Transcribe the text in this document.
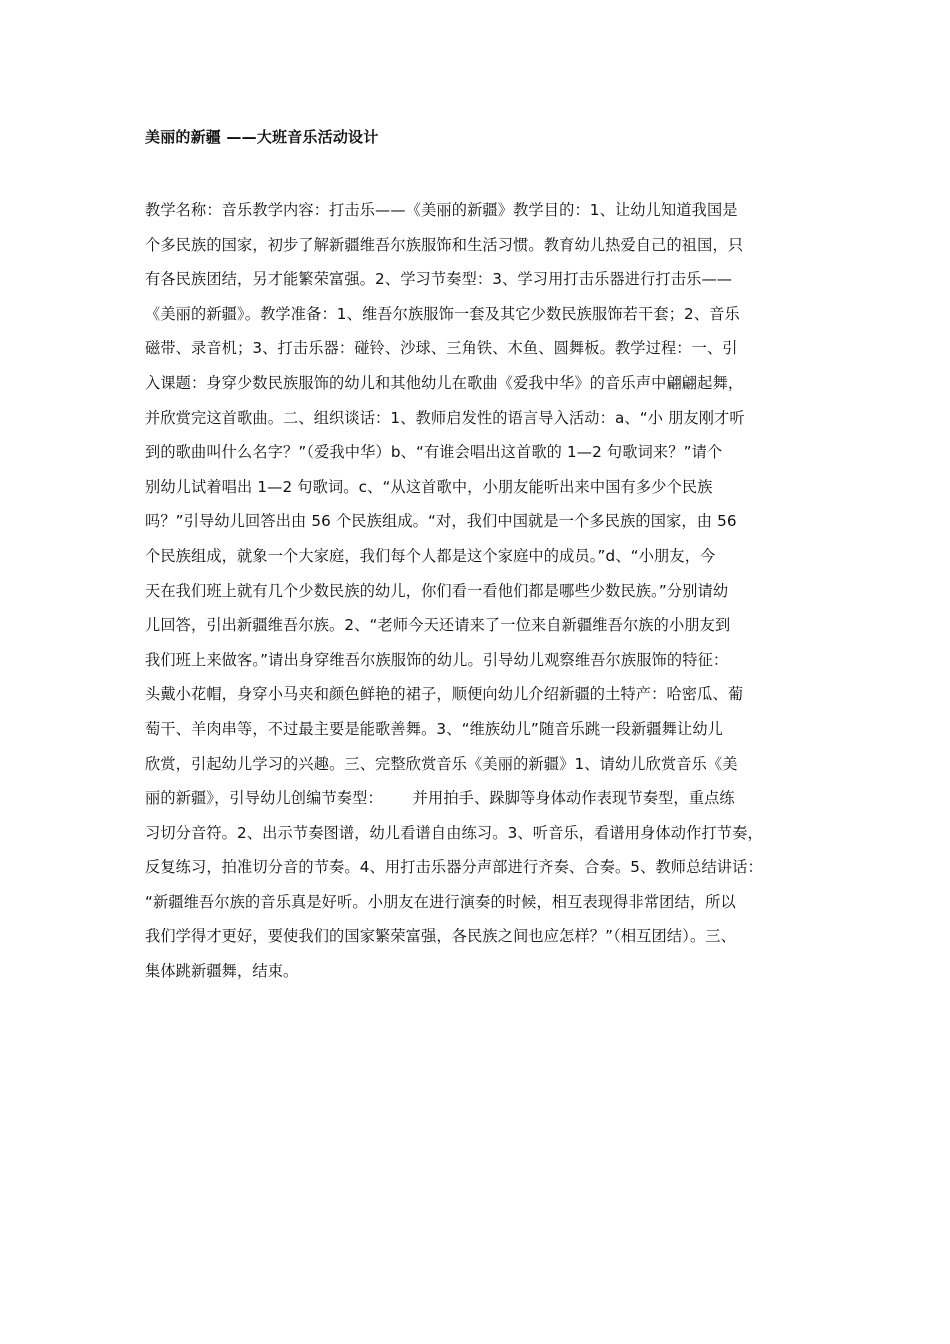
美丽的新疆 ——大班音乐活动设计
教学名称：音乐教学内容：打击乐——《美丽的新疆》教学目的：1、让幼儿知道我国是
个多民族的国家，初步了解新疆维吾尔族服饰和生活习惯。教育幼儿热爱自己的祖国，只
有各民族团结，另才能繁荣富强。2、学习节奏型：3、学习用打击乐器进行打击乐——
《美丽的新疆》。教学准备：1、维吾尔族服饰一套及其它少数民族服饰若干套；2、音乐
磁带、录音机；3、打击乐器：碰铃、沙球、三角铁、木鱼、圆舞板。教学过程：一、引
入课题：身穿少数民族服饰的幼儿和其他幼儿在歌曲《爱我中华》的音乐声中翩翩起舞，
并欣赏完这首歌曲。二、组织谈话：1、教师启发性的语言导入活动：a、“小 朋友刚才听
到的歌曲叫什么名字？”（爱我中华）b、“有谁会唱出这首歌的 1—2 句歌词来？”请个
别幼儿试着唱出 1—2 句歌词。c、“从这首歌中，小朋友能听出来中国有多少个民族
吗？”引导幼儿回答出由 56 个民族组成。“对，我们中国就是一个多民族的国家，由 56
个民族组成，就象一个大家庭，我们每个人都是这个家庭中的成员。”d、“小朋友，今
天在我们班上就有几个少数民族的幼儿，你们看一看他们都是哪些少数民族。”分别请幼
儿回答，引出新疆维吾尔族。2、“老师今天还请来了一位来自新疆维吾尔族的小朋友到
我们班上来做客。”请出身穿维吾尔族服饰的幼儿。引导幼儿观察维吾尔族服饰的特征：
头戴小花帽，身穿小马夹和颜色鲜艳的裙子，顺便向幼儿介绍新疆的土特产：哈密瓜、葡
萄干、羊肉串等，不过最主要是能歌善舞。3、“维族幼儿”随音乐跳一段新疆舞让幼儿
欣赏，引起幼儿学习的兴趣。三、完整欣赏音乐《美丽的新疆》1、请幼儿欣赏音乐《美
丽的新疆》，引导幼儿创编节奏型：      并用拍手、跺脚等身体动作表现节奏型，重点练
习切分音符。2、出示节奏图谱，幼儿看谱自由练习。3、听音乐，看谱用身体动作打节奏，
反复练习，拍准切分音的节奏。4、用打击乐器分声部进行齐奏、合奏。5、教师总结讲话：
“新疆维吾尔族的音乐真是好听。小朋友在进行演奏的时候，相互表现得非常团结，所以
我们学得才更好，要使我们的国家繁荣富强，各民族之间也应怎样？”（相互团结）。三、
集体跳新疆舞，结束。
